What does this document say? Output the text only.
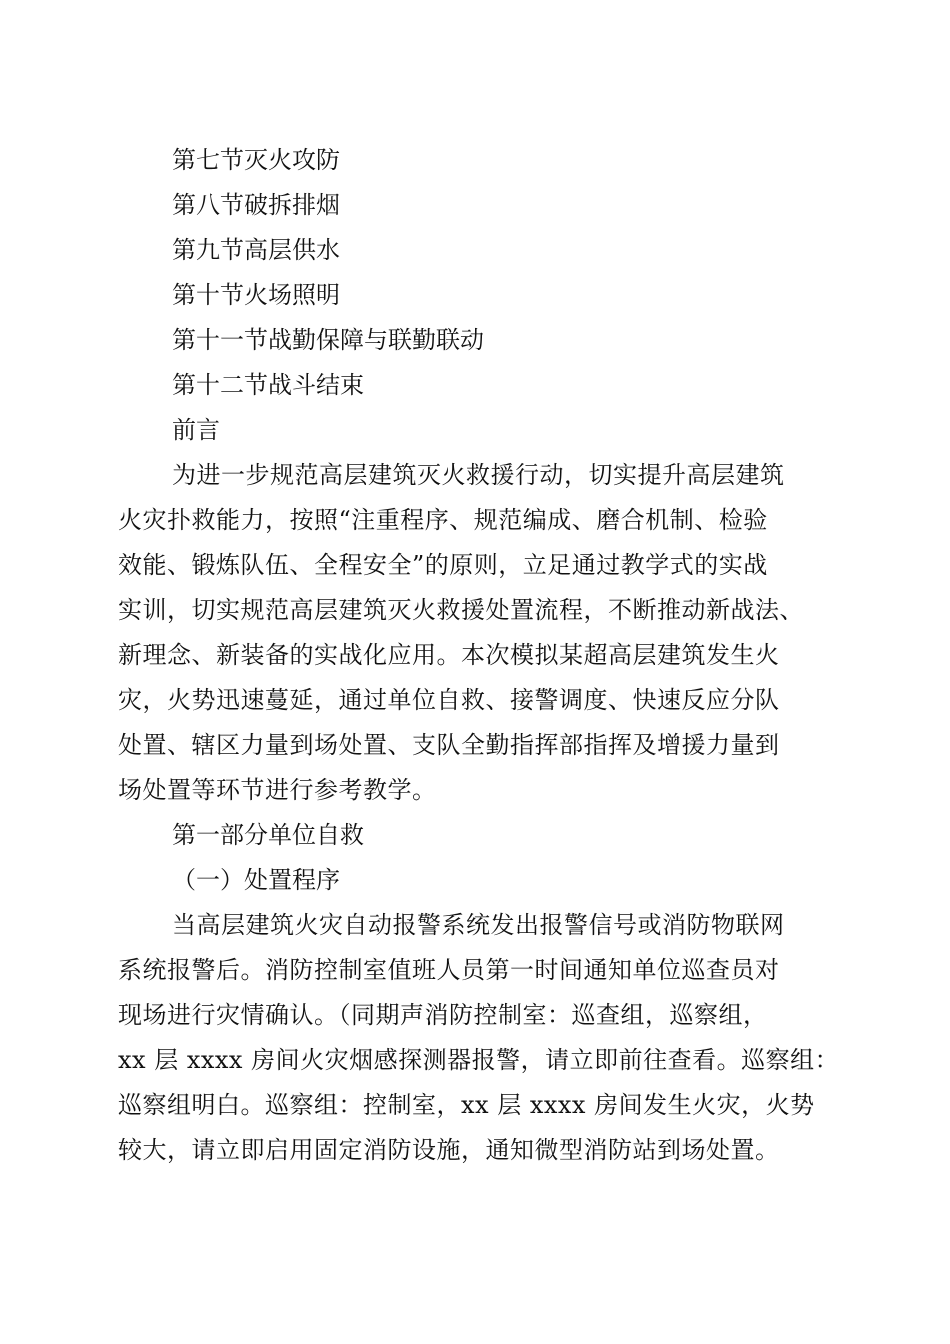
第七节灭火攻防

第八节破拆排烟

第九节高层供水

第十节火场照明

第十一节战勤保障与联勤联动

第十二节战斗结束

前言

为进一步规范高层建筑灭火救援行动，切实提升高层建筑

火灾扑救能力，按照“注重程序、规范编成、磨合机制、检验

效能、锻炼队伍、全程安全”的原则，立足通过教学式的实战

实训，切实规范高层建筑灭火救援处置流程，不断推动新战法、

新理念、新装备的实战化应用。本次模拟某超高层建筑发生火

灾，火势迅速蔓延，通过单位自救、接警调度、快速反应分队

处置、辖区力量到场处置、支队全勤指挥部指挥及增援力量到

场处置等环节进行参考教学。

第一部分单位自救

（一）处置程序

当高层建筑火灾自动报警系统发出报警信号或消防物联网

系统报警后。消防控制室值班人员第一时间通知单位巡查员对

现场进行灾情确认。（同期声消防控制室：巡查组，巡察组，

xx 层 xxxx 房间火灾烟感探测器报警，请立即前往查看。巡察组：

巡察组明白。巡察组：控制室，xx 层 xxxx 房间发生火灾，火势

较大，请立即启用固定消防设施，通知微型消防站到场处置。
